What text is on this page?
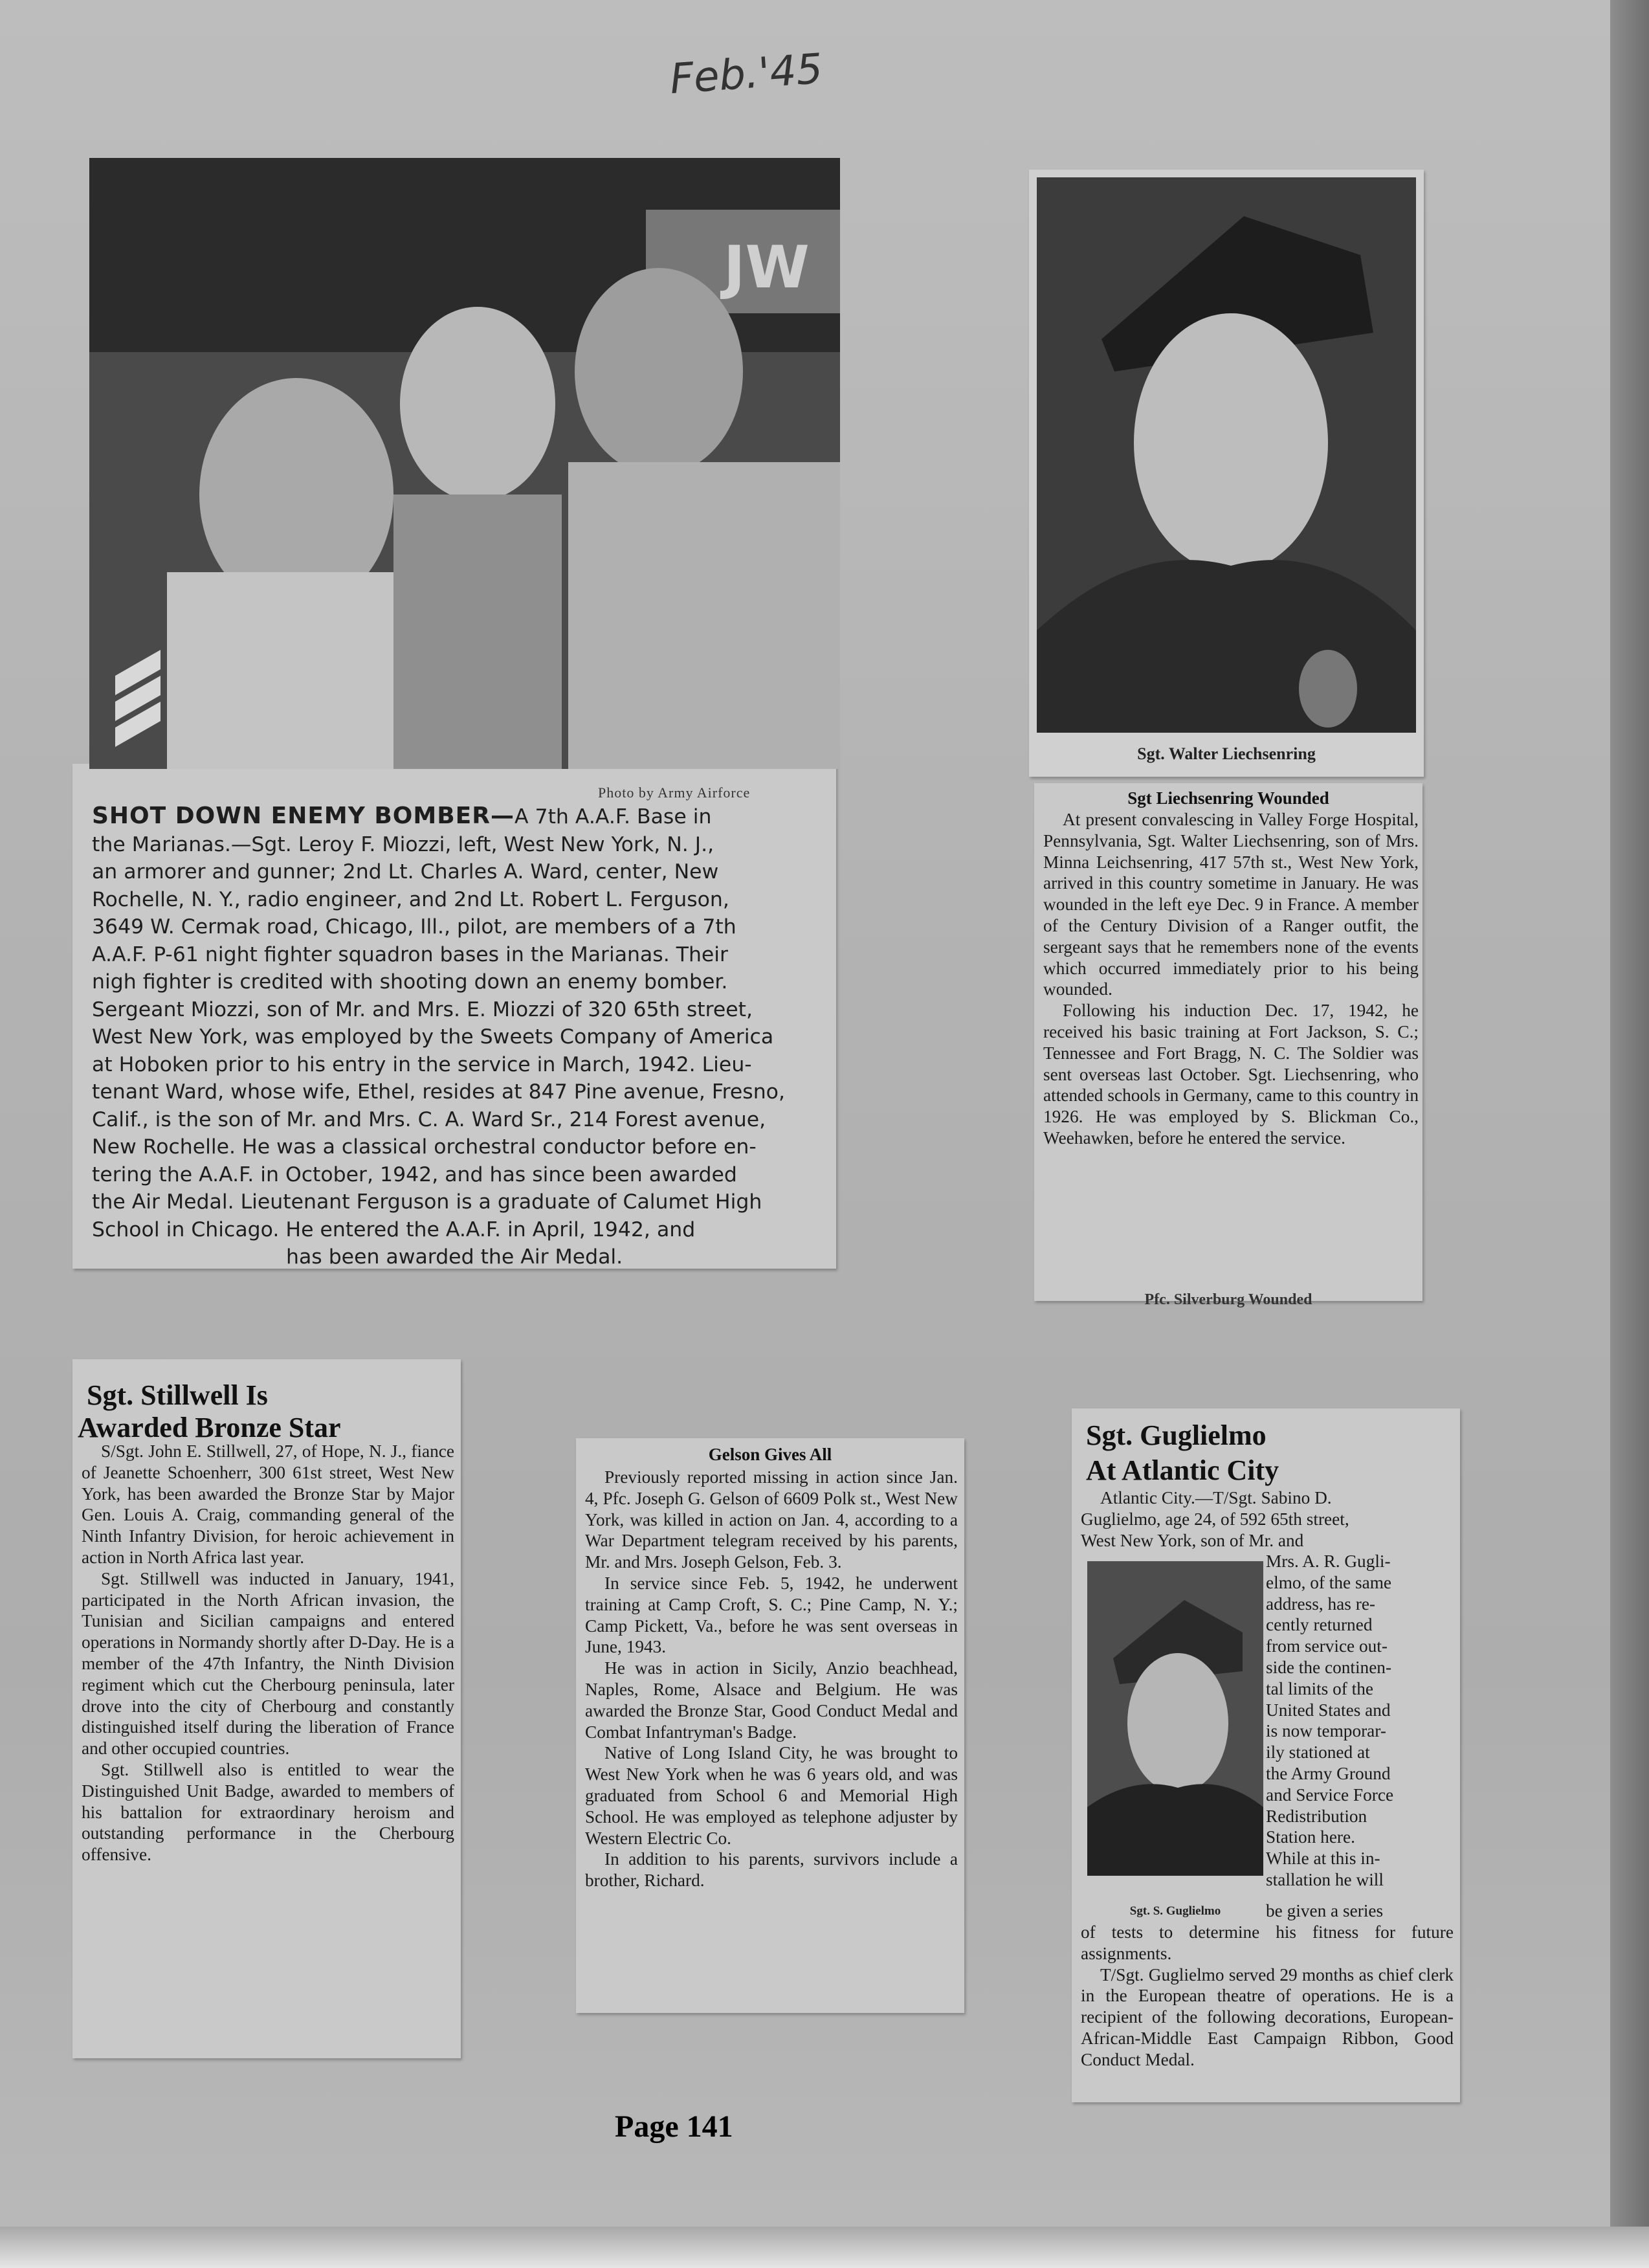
Feb.'45
Photo by Army Airforce
SHOT DOWN ENEMY BOMBER—A 7th A.A.F. Base in
the Marianas.—Sgt. Leroy F. Miozzi, left, West New York, N. J.,
an armorer and gunner; 2nd Lt. Charles A. Ward, center, New
Rochelle, N. Y., radio engineer, and 2nd Lt. Robert L. Ferguson,
3649 W. Cermak road, Chicago, Ill., pilot, are members of a 7th
A.A.F. P-61 night fighter squadron bases in the Marianas. Their
nigh fighter is credited with shooting down an enemy bomber.
Sergeant Miozzi, son of Mr. and Mrs. E. Miozzi of 320 65th street,
West New York, was employed by the Sweets Company of America
at Hoboken prior to his entry in the service in March, 1942. Lieu-
tenant Ward, whose wife, Ethel, resides at 847 Pine avenue, Fresno,
Calif., is the son of Mr. and Mrs. C. A. Ward Sr., 214 Forest avenue,
New Rochelle. He was a classical orchestral conductor before en-
tering the A.A.F. in October, 1942, and has since been awarded
the Air Medal. Lieutenant Ferguson is a graduate of Calumet High
School in Chicago. He entered the A.A.F. in April, 1942, and
has been awarded the Air Medal.
JW
Sgt. Walter Liechsenring
Sgt Liechsenring Wounded

At present convalescing in Valley Forge Hospital, Pennsylvania, Sgt. Walter Liechsenring, son of Mrs. Minna Leichsenring, 417 57th st., West New York, arrived in this country sometime in January. He was wounded in the left eye Dec. 9 in France. A member of the Century Division of a Ranger outfit, the sergeant says that he remembers none of the events which occurred immediately prior to his being wounded.

Following his induction Dec. 17, 1942, he received his basic training at Fort Jackson, S. C.; Tennessee and Fort Bragg, N. C. The Soldier was sent overseas last October. Sgt. Liechsenring, who attended schools in Germany, came to this country in 1926. He was employed by S. Blickman Co., Weehawken, before he entered the service.

Pfc. Silverburg Wounded
Sgt. Stillwell Is
Awarded Bronze Star

S/Sgt. John E. Stillwell, 27, of Hope, N. J., fiance of Jeanette Schoenherr, 300 61st street, West New York, has been awarded the Bronze Star by Major Gen. Louis A. Craig, commanding general of the Ninth Infantry Division, for heroic achievement in action in North Africa last year.

Sgt. Stillwell was inducted in January, 1941, participated in the North African invasion, the Tunisian and Sicilian campaigns and entered operations in Normandy shortly after D-Day. He is a member of the 47th Infantry, the Ninth Division regiment which cut the Cherbourg peninsula, later drove into the city of Cherbourg and constantly distinguished itself during the liberation of France and other occupied countries.

Sgt. Stillwell also is entitled to wear the Distinguished Unit Badge, awarded to members of his battalion for extraordinary heroism and outstanding performance in the Cherbourg offensive.

Gelson Gives All

Previously reported missing in action since Jan. 4, Pfc. Joseph G. Gelson of 6609 Polk st., West New York, was killed in action on Jan. 4, according to a War Department telegram received by his parents, Mr. and Mrs. Joseph Gelson, Feb. 3.

In service since Feb. 5, 1942, he underwent training at Camp Croft, S. C.; Pine Camp, N. Y.; Camp Pickett, Va., before he was sent overseas in June, 1943.

He was in action in Sicily, Anzio beachhead, Naples, Rome, Alsace and Belgium. He was awarded the Bronze Star, Good Conduct Medal and Combat Infantryman's Badge.

Native of Long Island City, he was brought to West New York when he was 6 years old, and was graduated from School 6 and Memorial High School. He was employed as telephone adjuster by Western Electric Co.

In addition to his parents, survivors include a brother, Richard.

Sgt. Guglielmo
At Atlantic City
Atlantic City.—T/Sgt. Sabino D.
Guglielmo, age 24, of 592 65th street,
West New York, son of Mr. and
Mrs. A. R. Gugli-
elmo, of the same
address, has re-
cently returned
from service out-
side the continen-
tal limits of the
United States and
is now temporar-
ily stationed at
the Army Ground
and Service Force
Redistribution
Station here.
While at this in-
stallation he will
Sgt. S. Guglielmo	be given a series

of tests to determine his fitness for future assignments.

T/Sgt. Guglielmo served 29 months as chief clerk in the European theatre of operations. He is a recipient of the following decorations, European-African-Middle East Campaign Ribbon, Good Conduct Medal.

Page 141
